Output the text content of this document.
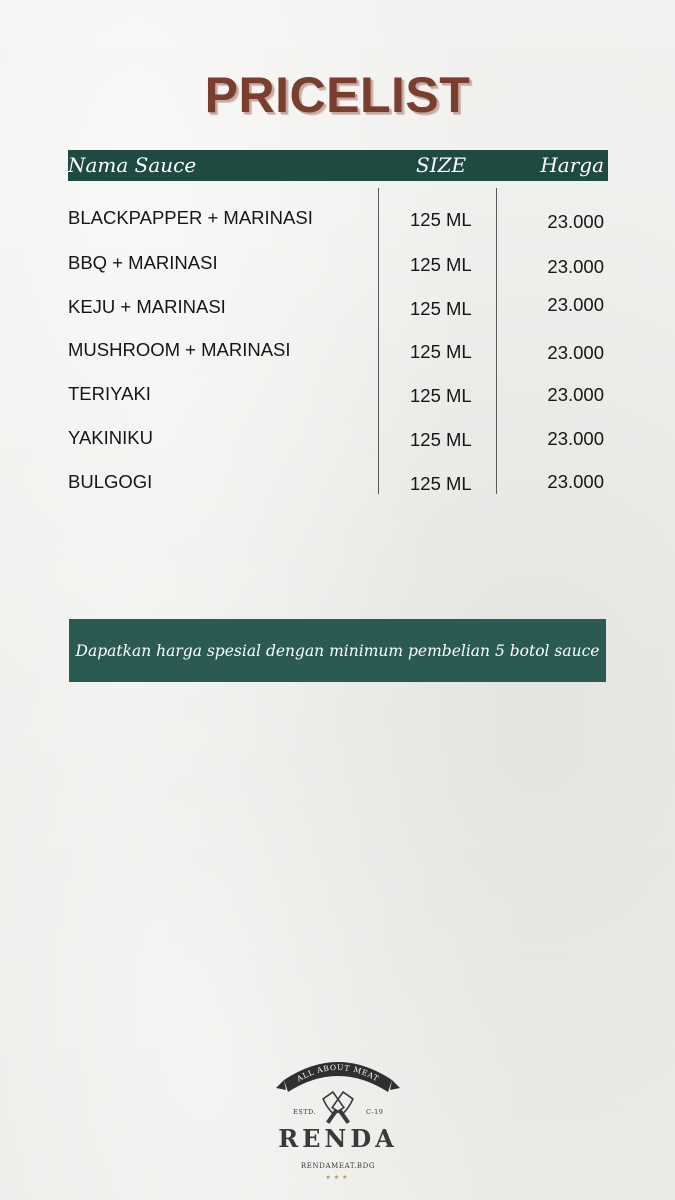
PRICELIST
Nama Sauce	SIZE	Harga
BLACKPAPPER + MARINASI	125 ML	23.000
BBQ + MARINASI	125 ML	23.000
KEJU + MARINASI	125 ML	23.000
MUSHROOM + MARINASI	125 ML	23.000
TERIYAKI	125 ML	23.000
YAKINIKU	125 ML	23.000
BULGOGI	125 ML	23.000
Dapatkan harga spesial dengan minimum pembelian 5 botol sauce
ALL ABOUT MEAT
ESTD.	C-19
RENDA
RENDAMEAT.BDG
★★★
